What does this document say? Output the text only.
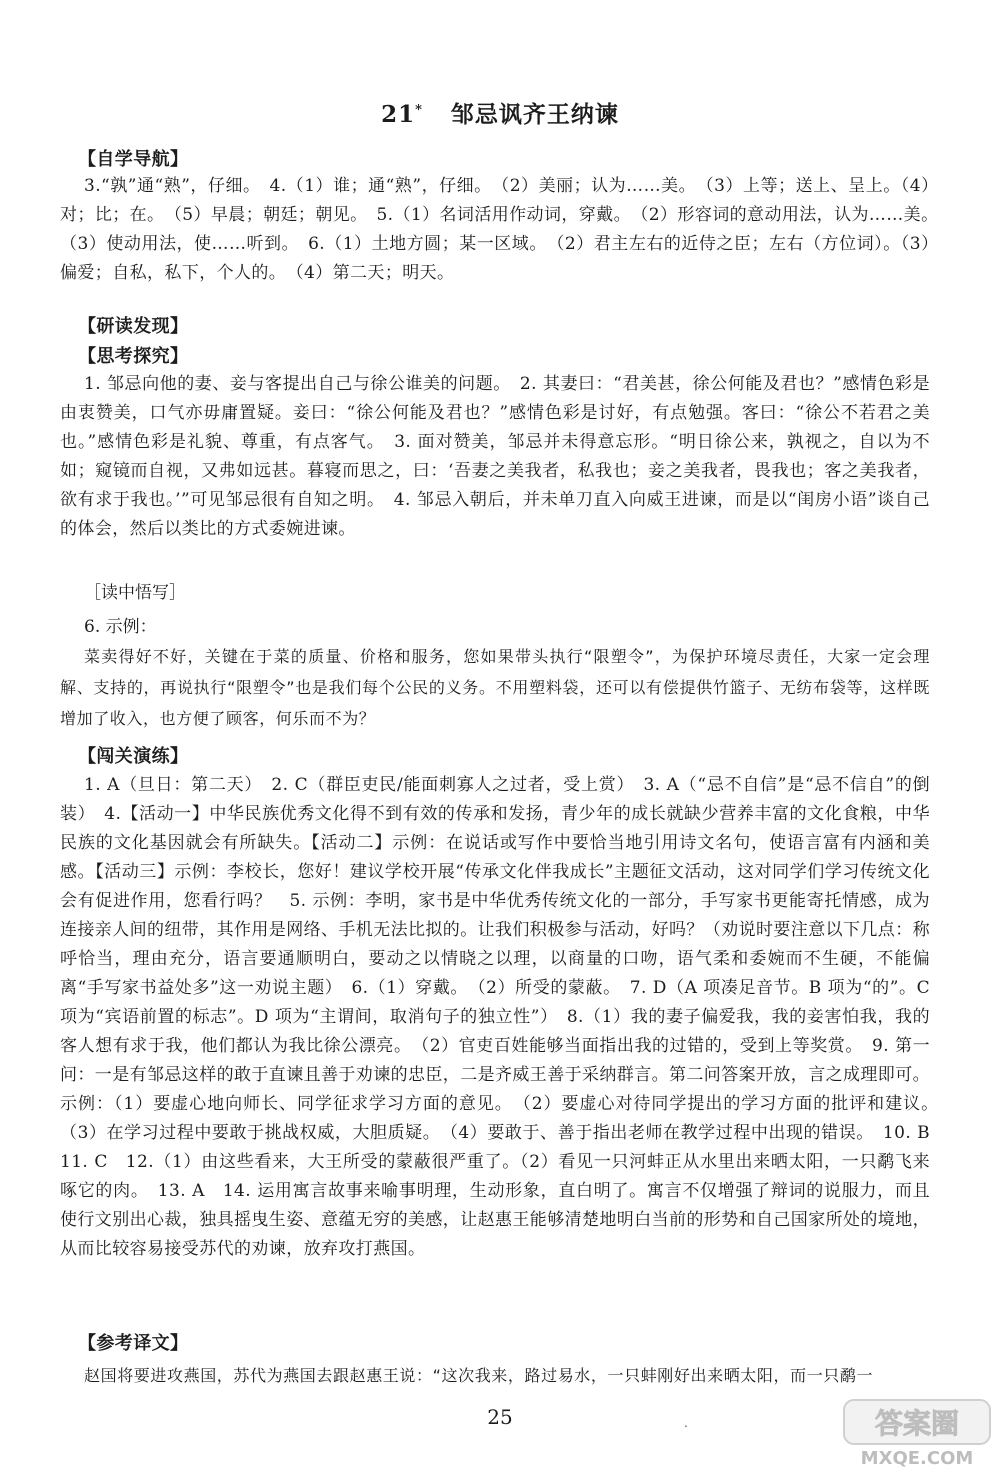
21* 邹忌讽齐王纳谏
【自学导航】
3.“孰”通“熟”，仔细。　4.（1）谁；通“熟”，仔细。　（2）美丽；认为……美。　（3）上等；送上、呈上。（4）对；比；在。　（5）早晨；朝廷；朝见。　5.（1）名词活用作动词，穿戴。　（2）形容词的意动用法，认为……美。　（3）使动用法，使……听到。　6.（1）土地方圆；某一区域。　（2）君主左右的近侍之臣；左右（方位词）。（3）偏爱；自私，私下，个人的。　（4）第二天；明天。
【研读发现】
【思考探究】
1. 邹忌向他的妻、妾与客提出自己与徐公谁美的问题。　2. 其妻曰：“君美甚，徐公何能及君也？”感情色彩是由衷赞美，口气亦毋庸置疑。妾曰：“徐公何能及君也？”感情色彩是讨好，有点勉强。客曰：“徐公不若君之美也。”感情色彩是礼貌、尊重，有点客气。　3. 面对赞美，邹忌并未得意忘形。“明日徐公来，孰视之，自以为不如；窥镜而自视，又弗如远甚。暮寝而思之，曰：‘吾妻之美我者，私我也；妾之美我者，畏我也；客之美我者，欲有求于我也。’”可见邹忌很有自知之明。　4. 邹忌入朝后，并未单刀直入向威王进谏，而是以“闺房小语”谈自己的体会，然后以类比的方式委婉进谏。
［读中悟写］
6. 示例：
菜卖得好不好，关键在于菜的质量、价格和服务，您如果带头执行“限塑令”，为保护环境尽责任，大家一定会理解、支持的，再说执行“限塑令”也是我们每个公民的义务。不用塑料袋，还可以有偿提供竹篮子、无纺布袋等，这样既增加了收入，也方便了顾客，何乐而不为？
【闯关演练】
1. A（旦日：第二天）　2. C（群臣吏民/能面刺寡人之过者，受上赏）　3. A（“忌不自信”是“忌不信自”的倒装）　4.【活动一】中华民族优秀文化得不到有效的传承和发扬，青少年的成长就缺少营养丰富的文化食粮，中华民族的文化基因就会有所缺失。【活动二】示例：在说话或写作中要恰当地引用诗文名句，使语言富有内涵和美感。【活动三】示例：李校长，您好！建议学校开展“传承文化伴我成长”主题征文活动，这对同学们学习传统文化会有促进作用，您看行吗？　5. 示例：李明，家书是中华优秀传统文化的一部分，手写家书更能寄托情感，成为连接亲人间的纽带，其作用是网络、手机无法比拟的。让我们积极参与活动，好吗？（劝说时要注意以下几点：称呼恰当，理由充分，语言要通顺明白，要动之以情晓之以理，以商量的口吻，语气柔和委婉而不生硬，不能偏离“手写家书益处多”这一劝说主题）　6.（1）穿戴。　（2）所受的蒙蔽。　7. D（A 项凑足音节。B 项为“的”。C 项为“宾语前置的标志”。D 项为“主谓间，取消句子的独立性”）　8.（1）我的妻子偏爱我，我的妾害怕我，我的客人想有求于我，他们都认为我比徐公漂亮。　（2）官吏百姓能够当面指出我的过错的，受到上等奖赏。　9. 第一问：一是有邹忌这样的敢于直谏且善于劝谏的忠臣，二是齐威王善于采纳群言。第二问答案开放，言之成理即可。示例：（1）要虚心地向师长、同学征求学习方面的意见。　（2）要虚心对待同学提出的学习方面的批评和建议。　（3）在学习过程中要敢于挑战权威，大胆质疑。　（4）要敢于、善于指出老师在教学过程中出现的错误。　10. B　11. C　12.（1）由这些看来，大王所受的蒙蔽很严重了。（2）看见一只河蚌正从水里出来晒太阳，一只鹬飞来啄它的肉。　13. A　14. 运用寓言故事来喻事明理，生动形象，直白明了。寓言不仅增强了辩词的说服力，而且使行文别出心裁，独具摇曳生姿、意蕴无穷的美感，让赵惠王能够清楚地明白当前的形势和自己国家所处的境地，从而比较容易接受苏代的劝谏，放弃攻打燕国。
【参考译文】
赵国将要进攻燕国，苏代为燕国去跟赵惠王说：“这次我来，路过易水，一只蚌刚好出来晒太阳，而一只鹬一
25	.	答案圈
MXQE.COM
